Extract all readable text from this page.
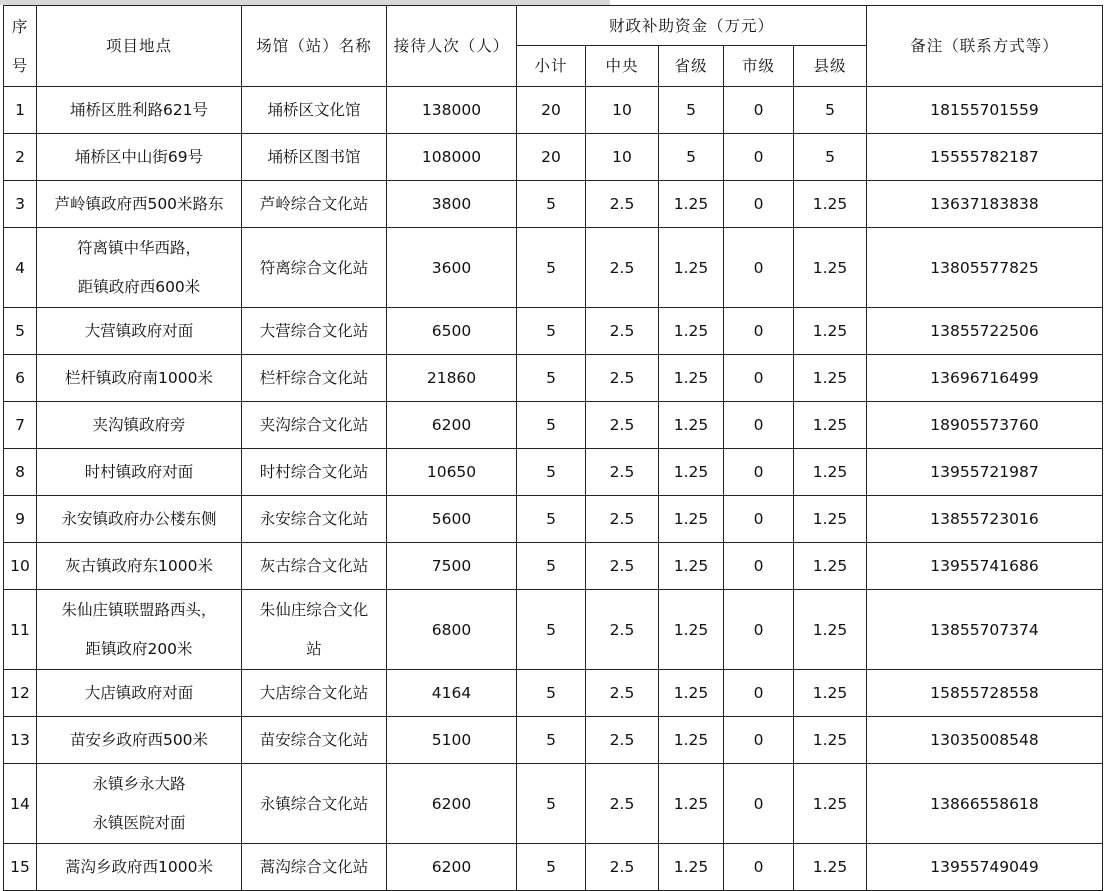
序
号	项目地点	场馆（站）名称	接待人次（人）	财政补助资金（万元）					备注（联系方式等）
				小计	中央	省级	市级	县级	
1	埇桥区胜利路621号	埇桥区文化馆	138000	20	10	5	0	5	18155701559
2	埇桥区中山街69号	埇桥区图书馆	108000	20	10	5	0	5	15555782187
3	芦岭镇政府西500米路东	芦岭综合文化站	3800	5	2.5	1.25	0	1.25	13637183838
4	符离镇中华西路，
距镇政府西600米	符离综合文化站	3600	5	2.5	1.25	0	1.25	13805577825
5	大营镇政府对面	大营综合文化站	6500	5	2.5	1.25	0	1.25	13855722506
6	栏杆镇政府南1000米	栏杆综合文化站	21860	5	2.5	1.25	0	1.25	13696716499
7	夹沟镇政府旁	夹沟综合文化站	6200	5	2.5	1.25	0	1.25	18905573760
8	时村镇政府对面	时村综合文化站	10650	5	2.5	1.25	0	1.25	13955721987
9	永安镇政府办公楼东侧	永安综合文化站	5600	5	2.5	1.25	0	1.25	13855723016
10	灰古镇政府东1000米	灰古综合文化站	7500	5	2.5	1.25	0	1.25	13955741686
11	朱仙庄镇联盟路西头，
距镇政府200米	朱仙庄综合文化
站	6800	5	2.5	1.25	0	1.25	13855707374
12	大店镇政府对面	大店综合文化站	4164	5	2.5	1.25	0	1.25	15855728558
13	苗安乡政府西500米	苗安综合文化站	5100	5	2.5	1.25	0	1.25	13035008548
14	永镇乡永大路
永镇医院对面	永镇综合文化站	6200	5	2.5	1.25	0	1.25	13866558618
15	蒿沟乡政府西1000米	蒿沟综合文化站	6200	5	2.5	1.25	0	1.25	13955749049
